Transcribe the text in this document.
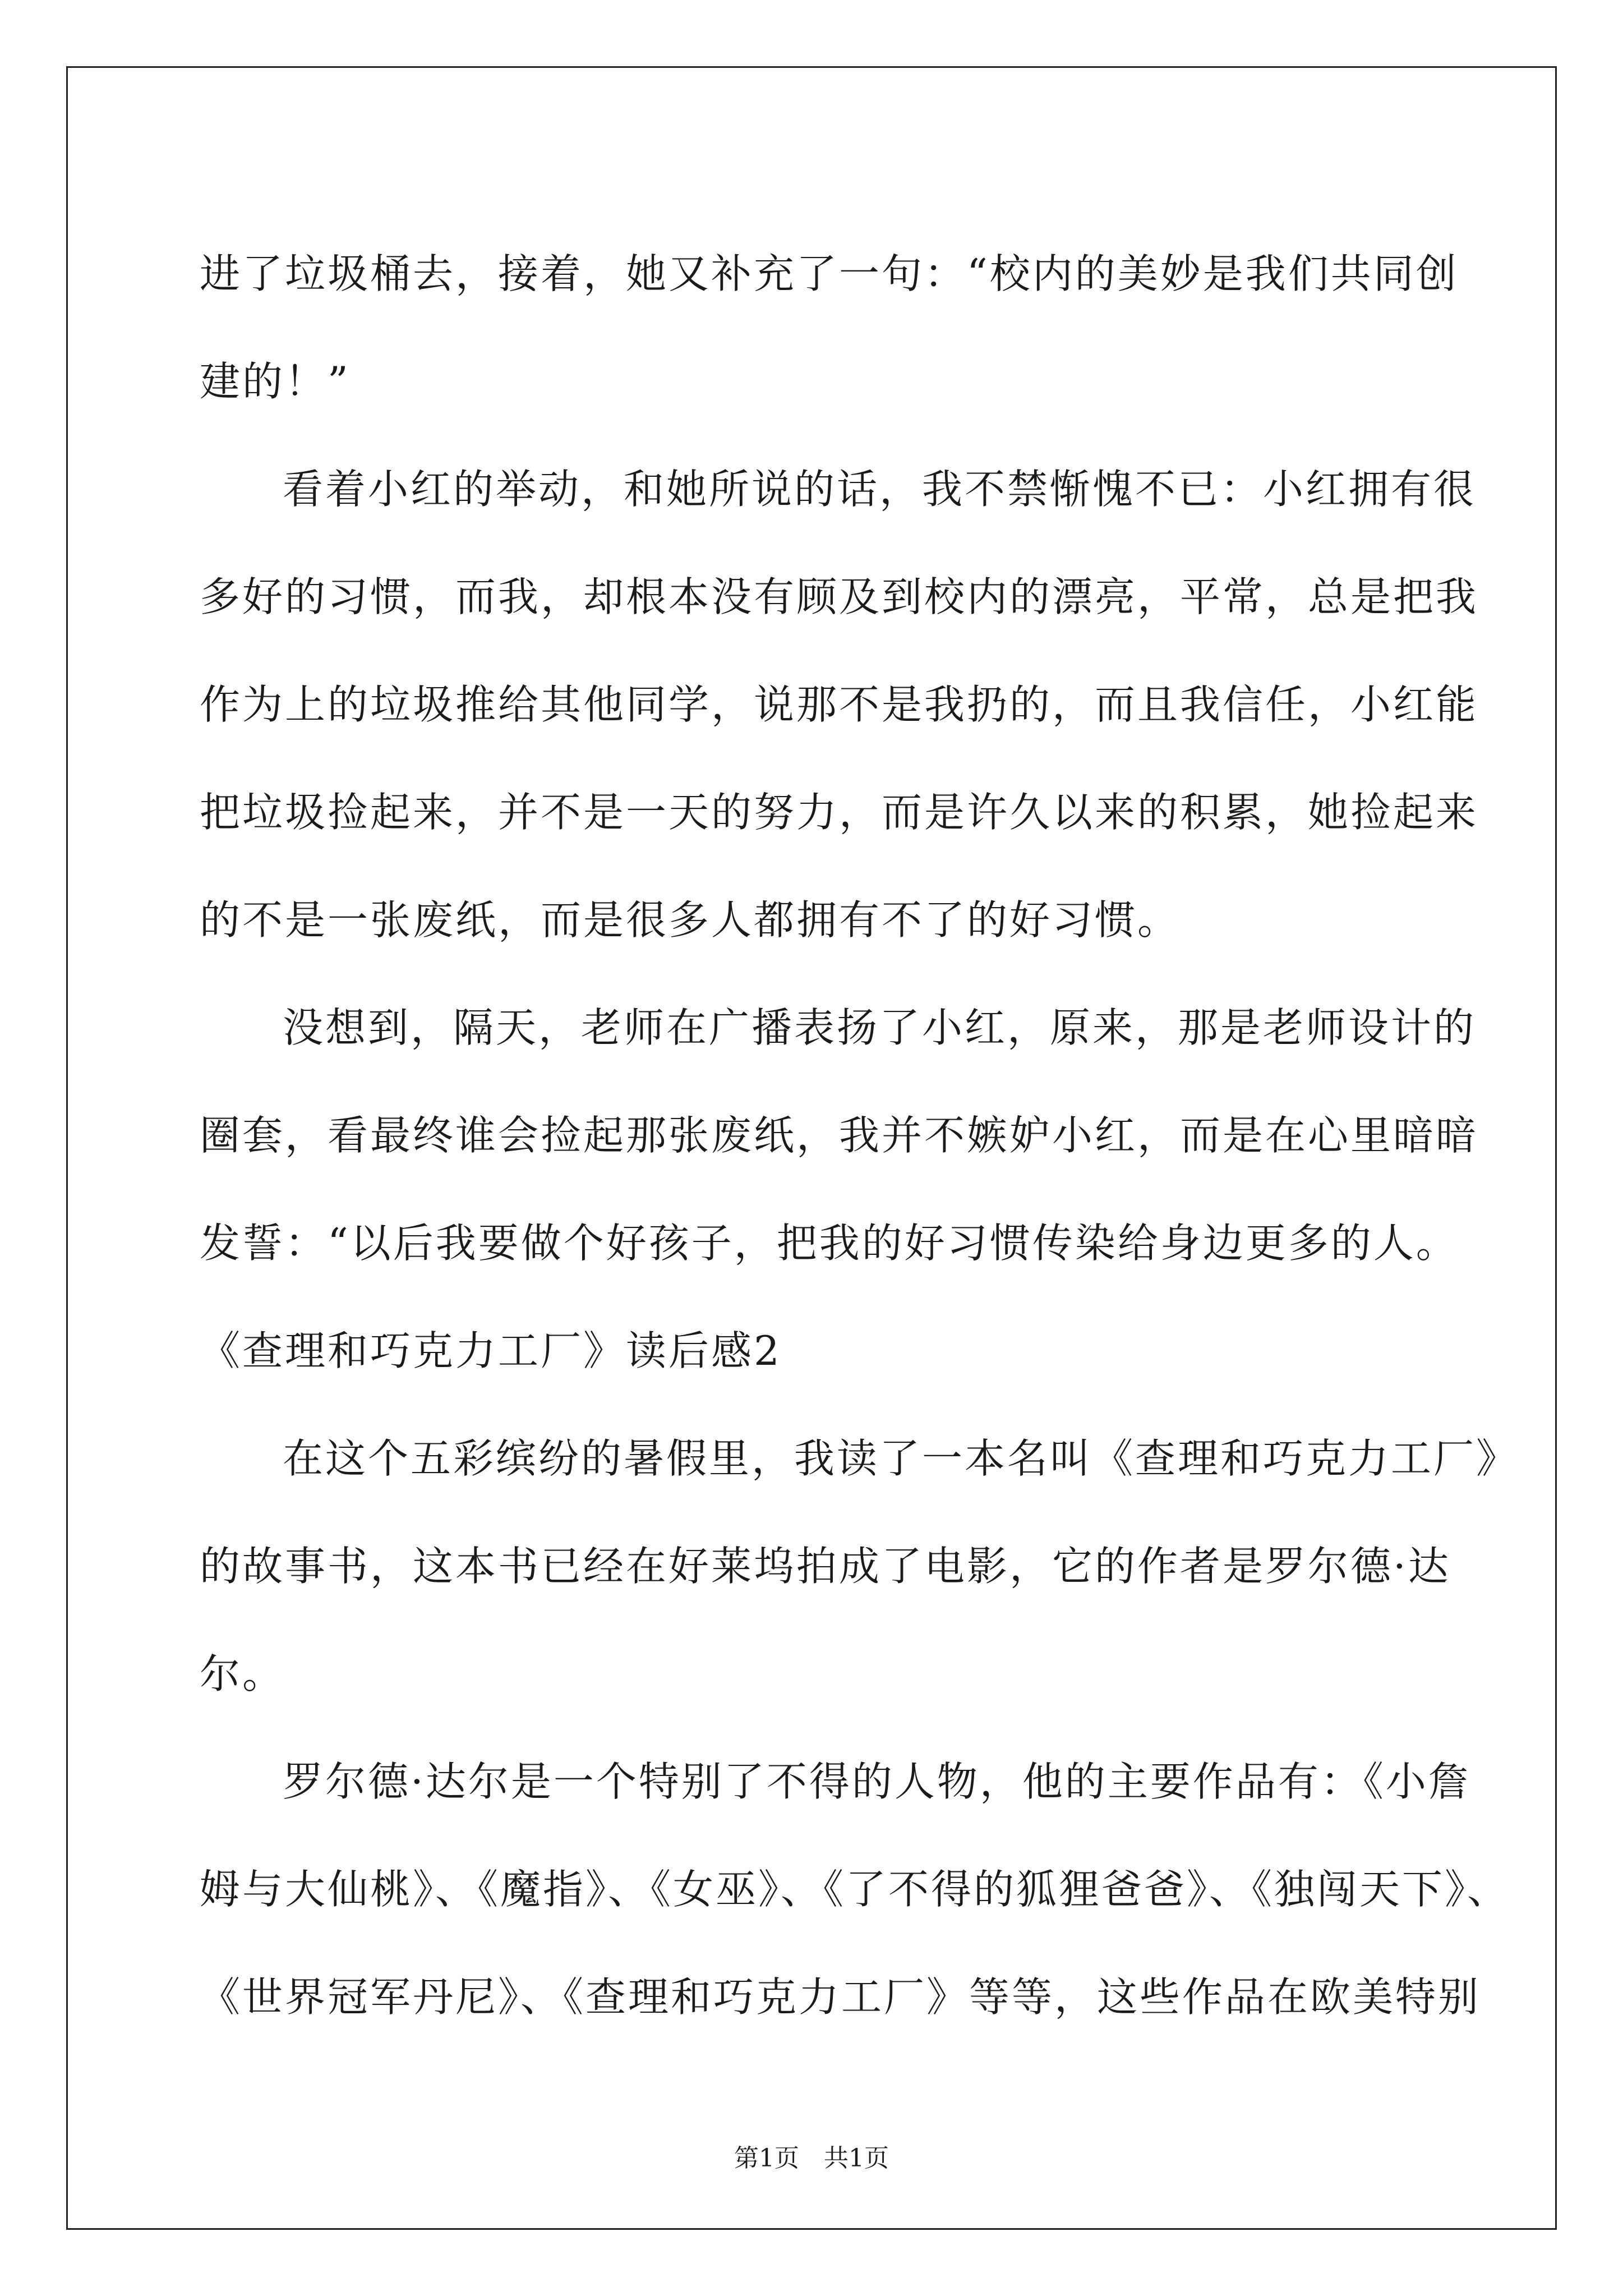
进了垃圾桶去，接着，她又补充了一句：“校内的美妙是我们共同创
建的！”
看着小红的举动，和她所说的话，我不禁惭愧不已：小红拥有很
多好的习惯，而我，却根本没有顾及到校内的漂亮，平常，总是把我
作为上的垃圾推给其他同学，说那不是我扔的，而且我信任，小红能
把垃圾捡起来，并不是一天的努力，而是许久以来的积累，她捡起来
的不是一张废纸，而是很多人都拥有不了的好习惯。
没想到，隔天，老师在广播表扬了小红，原来，那是老师设计的
圈套，看最终谁会捡起那张废纸，我并不嫉妒小红，而是在心里暗暗
发誓：“以后我要做个好孩子，把我的好习惯传染给身边更多的人。
《查理和巧克力工厂》读后感2
在这个五彩缤纷的暑假里，我读了一本名叫《查理和巧克力工厂》
的故事书，这本书已经在好莱坞拍成了电影，它的作者是罗尔德·达
尔。
罗尔德·达尔是一个特别了不得的人物，他的主要作品有：《小詹
姆与大仙桃》、《魔指》、《女巫》、《了不得的狐狸爸爸》、《独闯天下》、
《世界冠军丹尼》、《查理和巧克力工厂》等等，这些作品在欧美特别
第1页　共1页
